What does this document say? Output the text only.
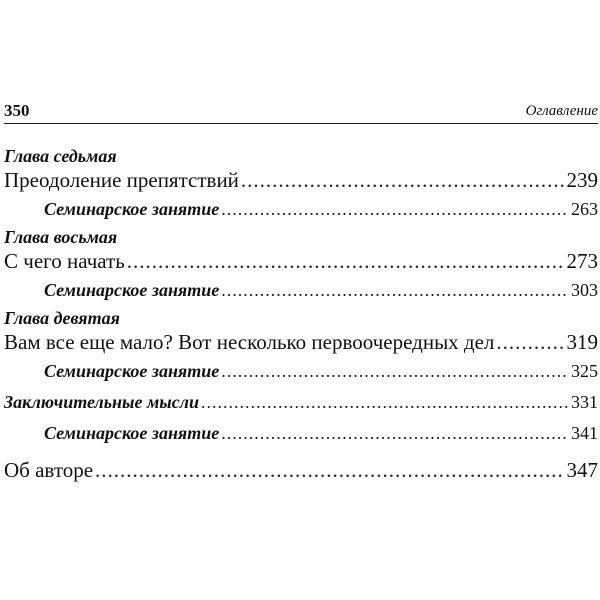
350	Оглавление
Глава седьмая
Преодоление препятствий .....	239
Семинарское занятие .....	263
Глава восьмая
С чего начать .....	273
Семинарское занятие .....	303
Глава девятая
Вам все еще мало? Вот несколько первоочередных дел .....	319
Семинарское занятие .....	325
Заключительные мысли .....	331
Семинарское занятие .....	341
Об авторе .....	347
